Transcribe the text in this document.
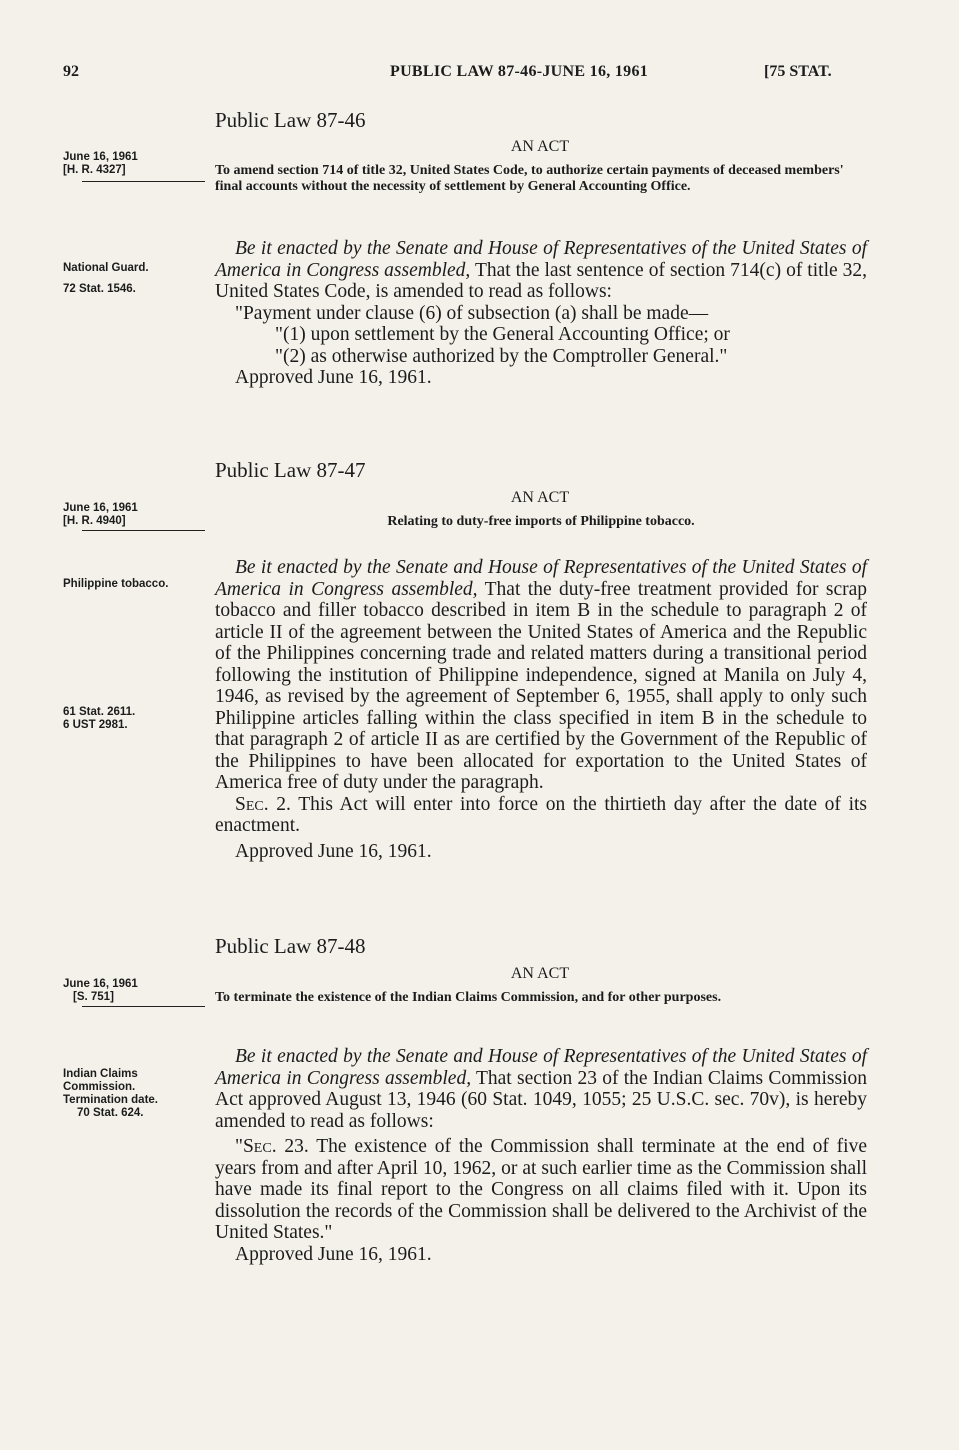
92	PUBLIC LAW 87-46-JUNE 16, 1961	[75 STAT.
Public Law 87-46
AN ACT
June 16, 1961
[H. R. 4327]	To amend section 714 of title 32, United States Code, to authorize certain payments of deceased members' final accounts without the necessity of settlement by General Accounting Office.
National Guard.
72 Stat. 1546.

Be it enacted by the Senate and House of Representatives of the United States of America in Congress assembled, That the last sentence of section 714(c) of title 32, United States Code, is amended to read as follows:

"Payment under clause (6) of subsection (a) shall be made—

"(1) upon settlement by the General Accounting Office; or

"(2) as otherwise authorized by the Comptroller General."

Approved June 16, 1961.

Public Law 87-47
AN ACT
June 16, 1961
[H. R. 4940]	Relating to duty-free imports of Philippine tobacco.
Philippine tobacco.
61 Stat. 2611.
6 UST 2981.

Be it enacted by the Senate and House of Representatives of the United States of America in Congress assembled, That the duty-free treatment provided for scrap tobacco and filler tobacco described in item B in the schedule to paragraph 2 of article II of the agreement between the United States of America and the Republic of the Philippines concerning trade and related matters during a transitional period following the institution of Philippine independence, signed at Manila on July 4, 1946, as revised by the agreement of September 6, 1955, shall apply to only such Philippine articles falling within the class specified in item B in the schedule to that paragraph 2 of article II as are certified by the Government of the Republic of the Philippines to have been allocated for exportation to the United States of America free of duty under the paragraph.

Sec. 2. This Act will enter into force on the thirtieth day after the date of its enactment.

Approved June 16, 1961.

Public Law 87-48
AN ACT
June 16, 1961
[S. 751]	To terminate the existence of the Indian Claims Commission, and for other purposes.
Indian Claims Commission.
Termination date.
70 Stat. 624.

Be it enacted by the Senate and House of Representatives of the United States of America in Congress assembled, That section 23 of the Indian Claims Commission Act approved August 13, 1946 (60 Stat. 1049, 1055; 25 U.S.C. sec. 70v), is hereby amended to read as follows:

"Sec. 23. The existence of the Commission shall terminate at the end of five years from and after April 10, 1962, or at such earlier time as the Commission shall have made its final report to the Congress on all claims filed with it. Upon its dissolution the records of the Commission shall be delivered to the Archivist of the United States."

Approved June 16, 1961.
